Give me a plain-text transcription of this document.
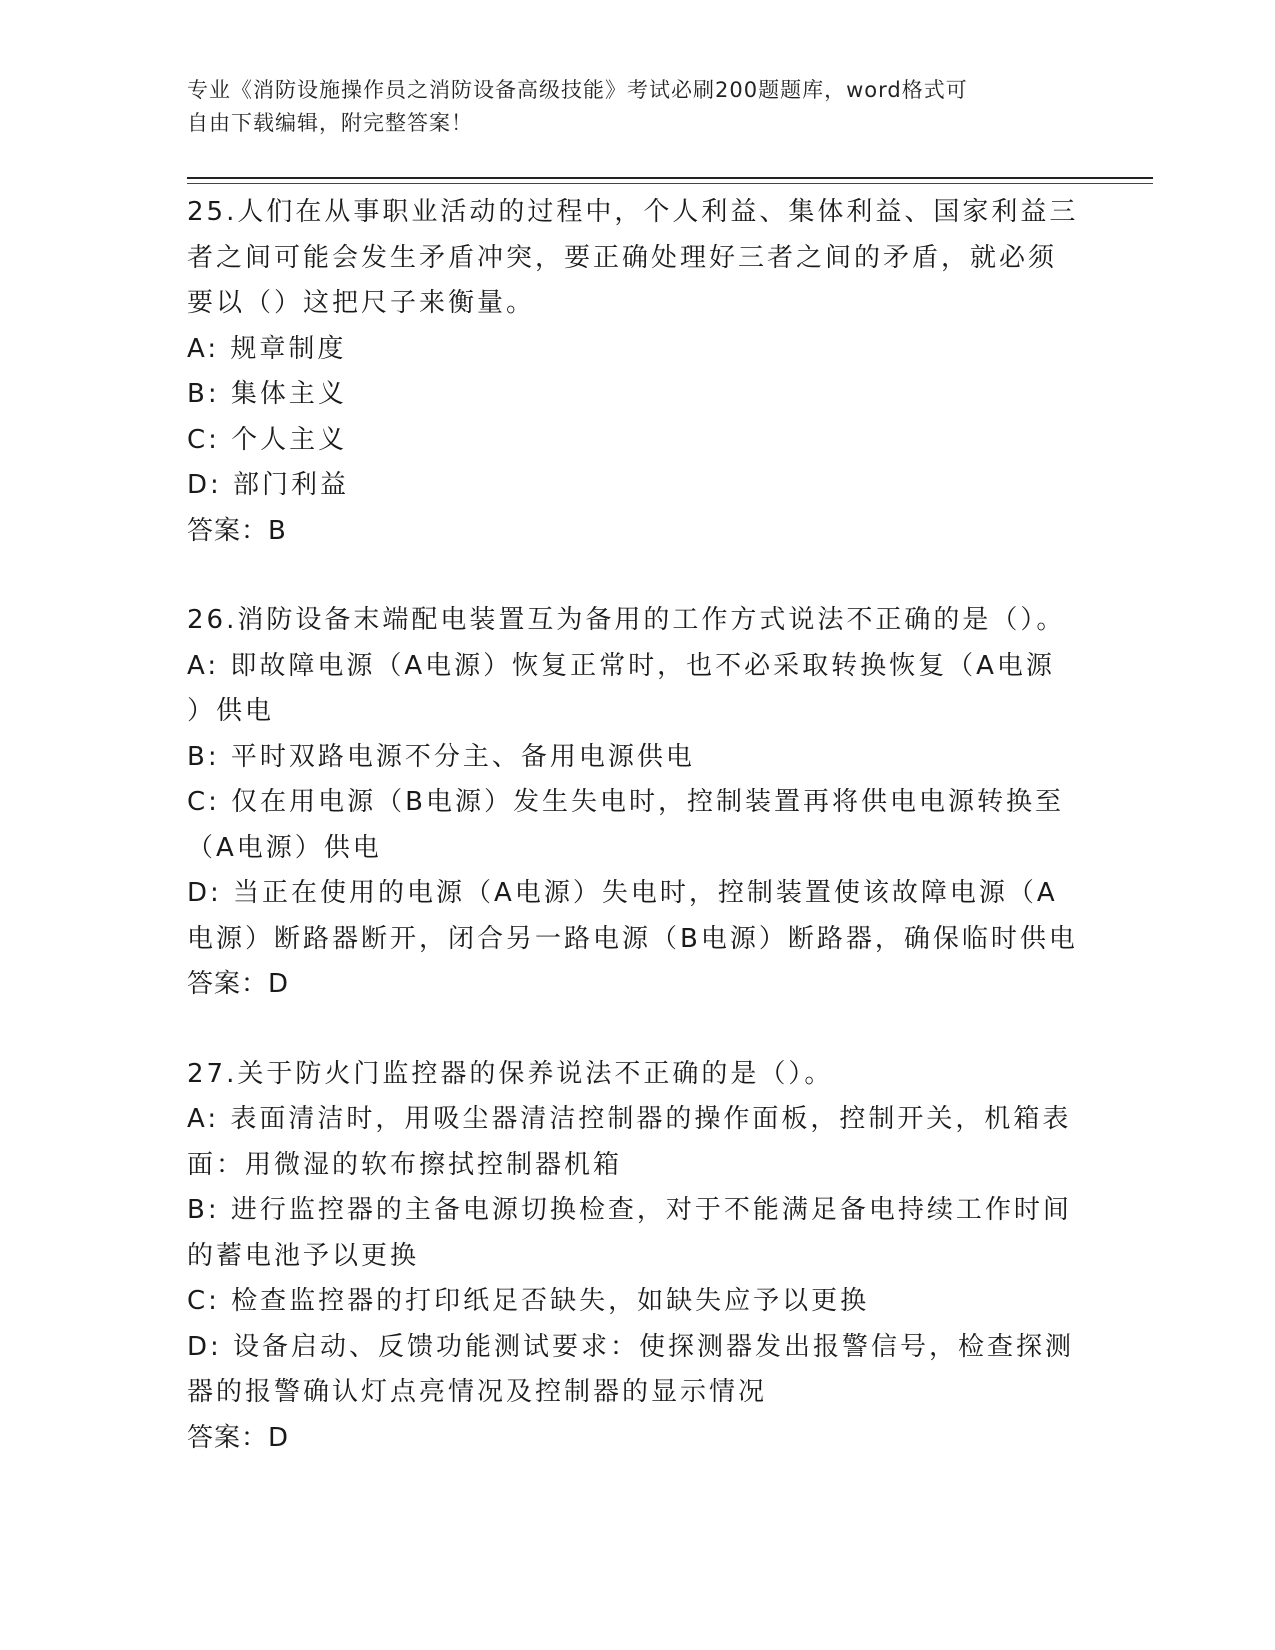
专业《消防设施操作员之消防设备高级技能》考试必刷200题题库，word格式可
自由下载编辑，附完整答案！
25.人们在从事职业活动的过程中，个人利益、集体利益、国家利益三
者之间可能会发生矛盾冲突，要正确处理好三者之间的矛盾，就必须
要以（）这把尺子来衡量。
A: 规章制度
B: 集体主义
C: 个人主义
D: 部门利益
答案：B
26.消防设备末端配电装置互为备用的工作方式说法不正确的是（）。
A: 即故障电源（A电源）恢复正常时，也不必采取转换恢复（A电源
）供电
B: 平时双路电源不分主、备用电源供电
C: 仅在用电源（B电源）发生失电时，控制装置再将供电电源转换至
（A电源）供电
D: 当正在使用的电源（A电源）失电时，控制装置使该故障电源（A
电源）断路器断开，闭合另一路电源（B电源）断路器，确保临时供电
答案：D
27.关于防火门监控器的保养说法不正确的是（）。
A: 表面清洁时，用吸尘器清洁控制器的操作面板，控制开关，机箱表
面：用微湿的软布擦拭控制器机箱
B: 进行监控器的主备电源切换检查，对于不能满足备电持续工作时间
的蓄电池予以更换
C: 检查监控器的打印纸足否缺失，如缺失应予以更换
D: 设备启动、反馈功能测试要求：使探测器发出报警信号，检查探测
器的报警确认灯点亮情况及控制器的显示情况
答案：D
